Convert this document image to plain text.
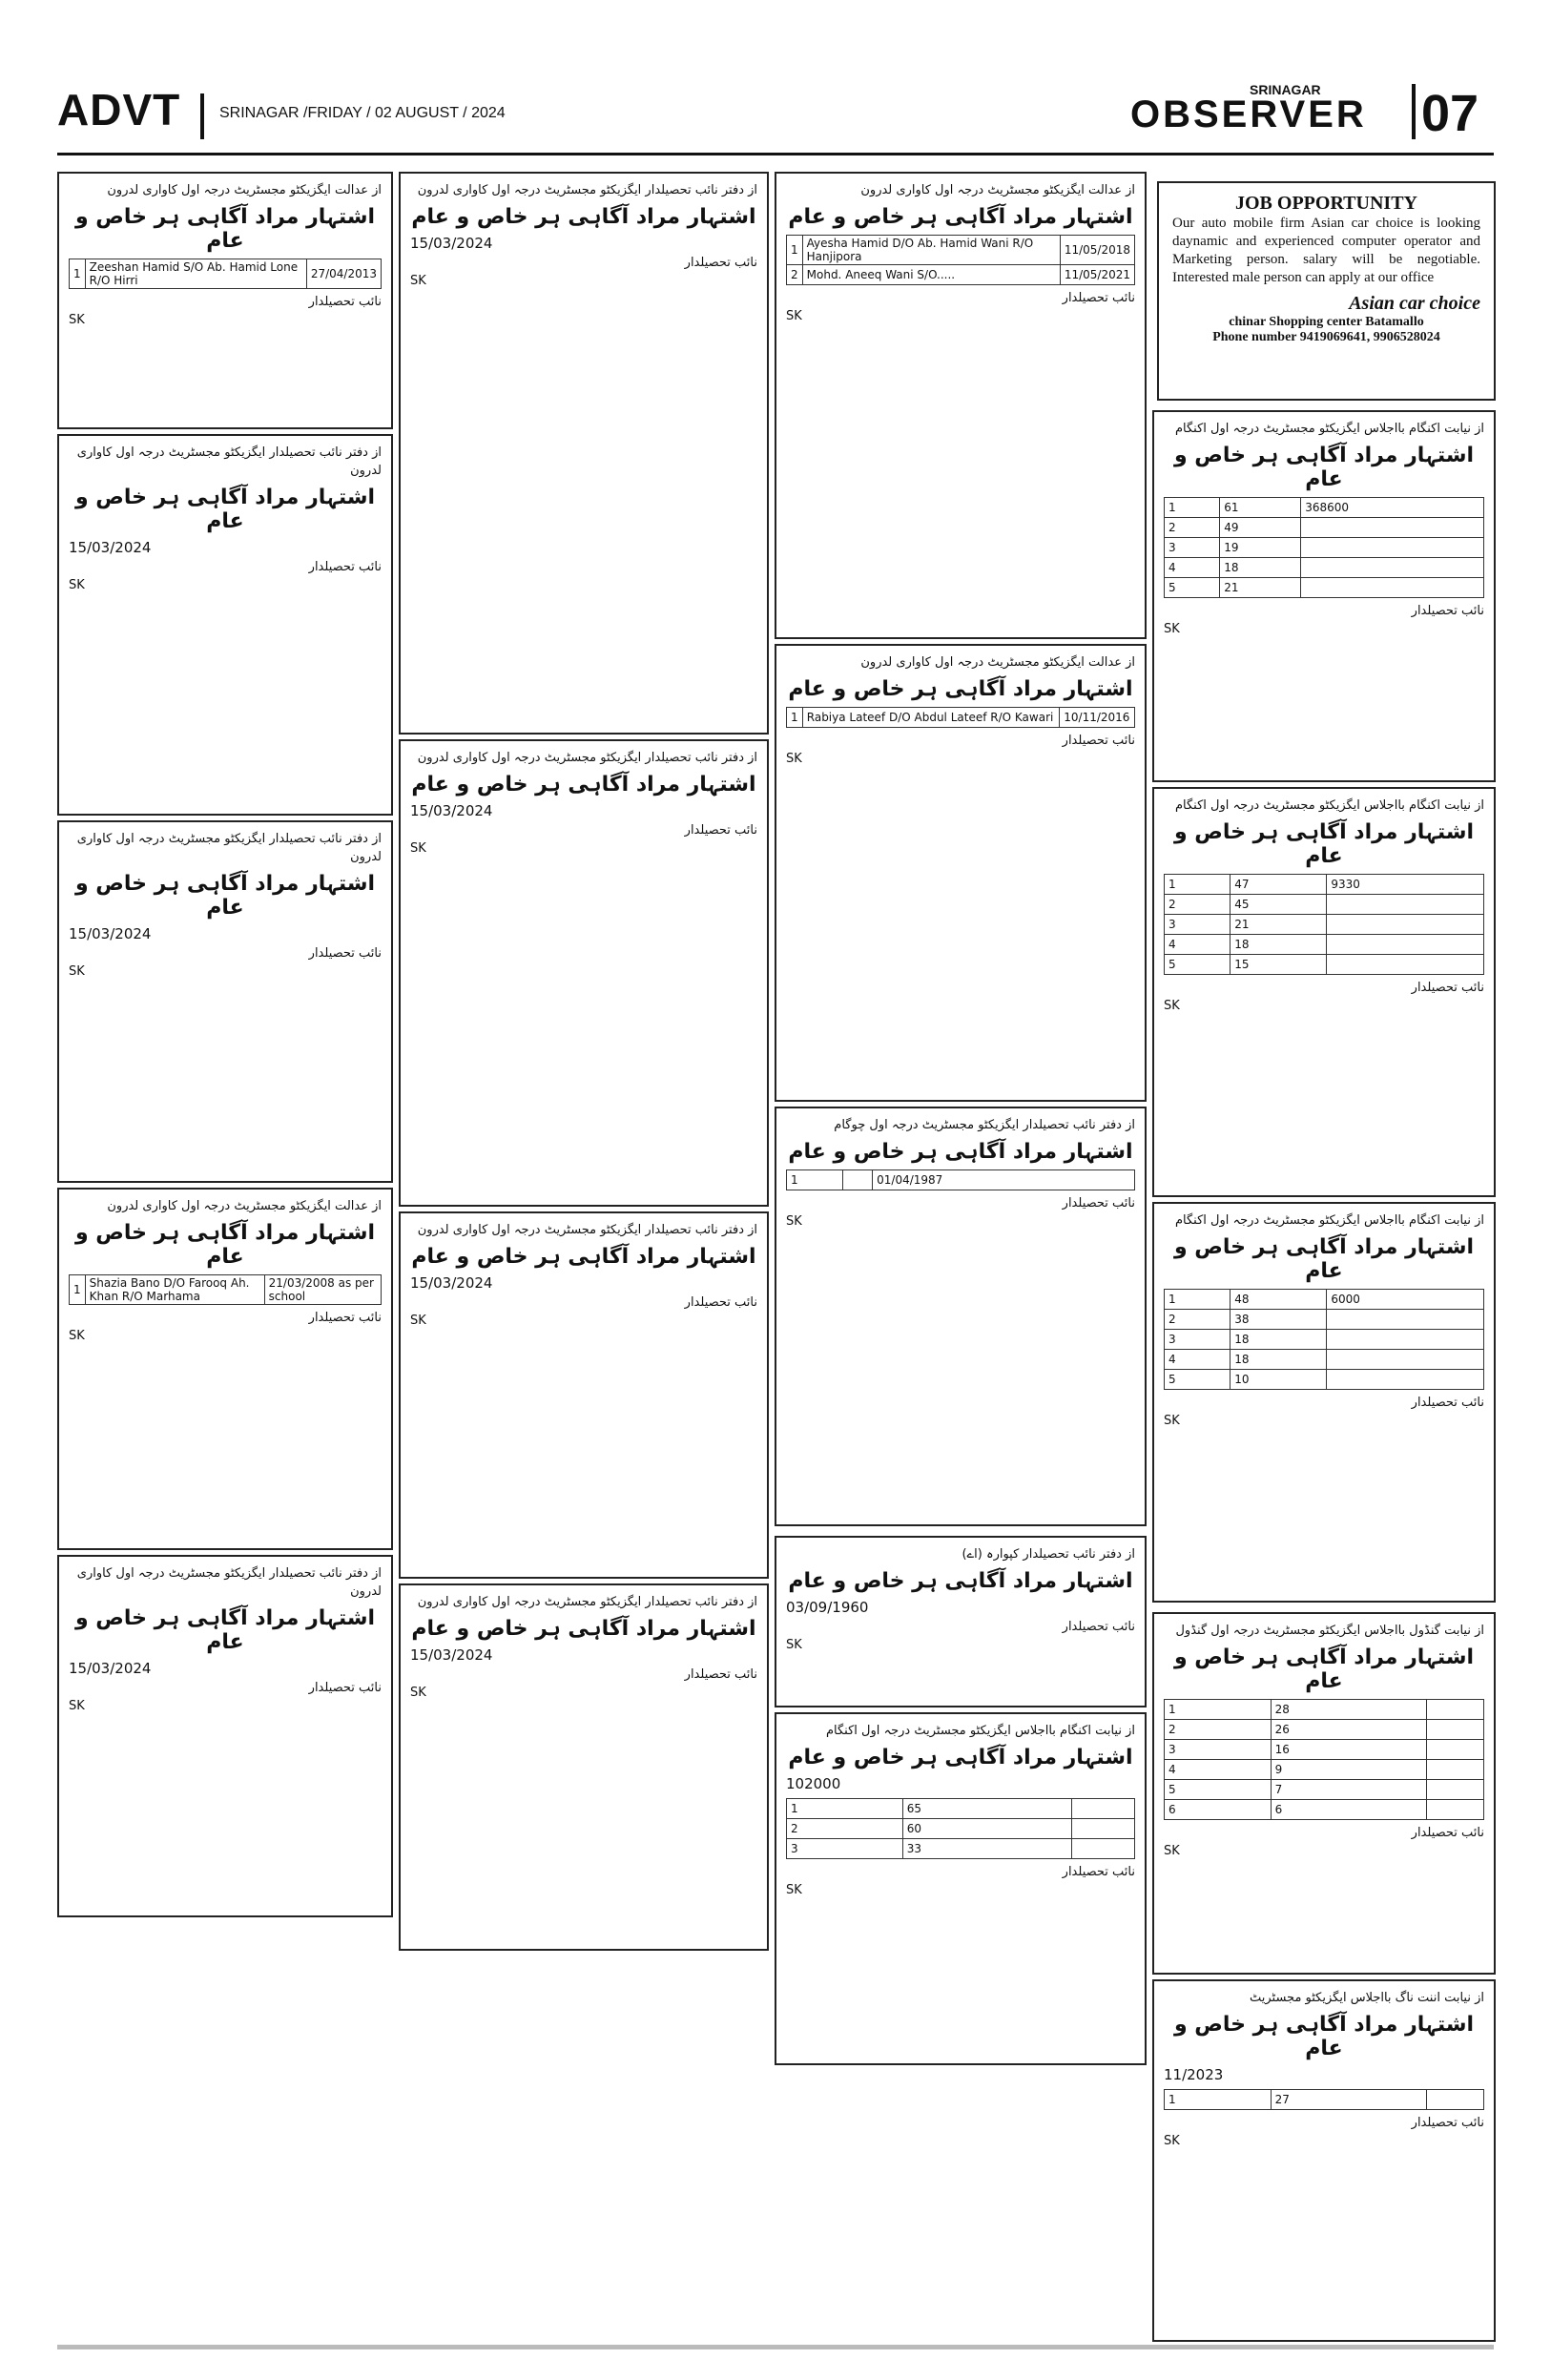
ADVT	SRINAGAR /FRIDAY / 02 AUGUST / 2024
SRINAGAR
OBSERVER 07
JOB OPPORTUNITY
Our auto mobile firm Asian car choice is looking daynamic and experienced computer operator and Marketing person. salary will be negotiable. Interested male person can apply at our office
Asian car choice
chinar Shopping center Batamallo
Phone number 9419069641, 9906528024
از عدالت ایگزیکٹو مجسٹریٹ درجہ اول کاواری لدرون
اشتہار مراد آگاہی ہر خاص و عام
27/04/2013	Zeeshan Hamid S/O Ab. Hamid Lone R/O Hirri	1
نائب تحصیلدار
SK
از دفتر نائب تحصیلدار ایگزیکٹو مجسٹریٹ درجہ اول کاواری لدرون
اشتہار مراد آگاہی ہر خاص و عام
15/03/2024
نائب تحصیلدار
SK
از دفتر نائب تحصیلدار ایگزیکٹو مجسٹریٹ درجہ اول کاواری لدرون
اشتہار مراد آگاہی ہر خاص و عام
15/03/2024
نائب تحصیلدار
SK
از عدالت ایگزیکٹو مجسٹریٹ درجہ اول کاواری لدرون
اشتہار مراد آگاہی ہر خاص و عام
21/03/2008 as per school	Shazia Bano D/O Farooq Ah. Khan R/O Marhama	1
نائب تحصیلدار
SK
از دفتر نائب تحصیلدار ایگزیکٹو مجسٹریٹ درجہ اول کاواری لدرون
اشتہار مراد آگاہی ہر خاص و عام
15/03/2024
نائب تحصیلدار
SK
از دفتر نائب تحصیلدار ایگزیکٹو مجسٹریٹ درجہ اول کاواری لدرون
اشتہار مراد آگاہی ہر خاص و عام
15/03/2024
نائب تحصیلدار
SK
از دفتر نائب تحصیلدار ایگزیکٹو مجسٹریٹ درجہ اول کاواری لدرون
اشتہار مراد آگاہی ہر خاص و عام
15/03/2024
نائب تحصیلدار
SK
از دفتر نائب تحصیلدار ایگزیکٹو مجسٹریٹ درجہ اول کاواری لدرون
اشتہار مراد آگاہی ہر خاص و عام
15/03/2024
نائب تحصیلدار
SK
از دفتر نائب تحصیلدار ایگزیکٹو مجسٹریٹ درجہ اول کاواری لدرون
اشتہار مراد آگاہی ہر خاص و عام
15/03/2024
نائب تحصیلدار
SK
از عدالت ایگزیکٹو مجسٹریٹ درجہ اول کاواری لدرون
اشتہار مراد آگاہی ہر خاص و عام
11/05/2018	Ayesha Hamid D/O Ab. Hamid Wani R/O Hanjipora	1
11/05/2021	Mohd. Aneeq Wani S/O.....	2
نائب تحصیلدار
SK
از عدالت ایگزیکٹو مجسٹریٹ درجہ اول کاواری لدرون
اشتہار مراد آگاہی ہر خاص و عام
10/11/2016	Rabiya Lateef D/O Abdul Lateef R/O Kawari	1
نائب تحصیلدار
SK
از دفتر نائب تحصیلدار ایگزیکٹو مجسٹریٹ درجہ اول چوگام
اشتہار مراد آگاہی ہر خاص و عام
01/04/1987		1
نائب تحصیلدار
SK
از دفتر نائب تحصیلدار کپوارہ (اے)
اشتہار مراد آگاہی ہر خاص و عام
03/09/1960
نائب تحصیلدار
SK
از نیابت اکنگام بااجلاس ایگزیکٹو مجسٹریٹ درجہ اول اکنگام
اشتہار مراد آگاہی ہر خاص و عام
102000
	65	1
	60	2
	33	3
نائب تحصیلدار
SK
از نیابت اکنگام بااجلاس ایگزیکٹو مجسٹریٹ درجہ اول اکنگام
اشتہار مراد آگاہی ہر خاص و عام
368600	61	1
	49	2
	19	3
	18	4
	21	5
نائب تحصیلدار
SK
از نیابت اکنگام بااجلاس ایگزیکٹو مجسٹریٹ درجہ اول اکنگام
اشتہار مراد آگاہی ہر خاص و عام
9330	47	1
	45	2
	21	3
	18	4
	15	5
نائب تحصیلدار
SK
از نیابت اکنگام بااجلاس ایگزیکٹو مجسٹریٹ درجہ اول اکنگام
اشتہار مراد آگاہی ہر خاص و عام
6000	48	1
	38	2
	18	3
	18	4
	10	5
نائب تحصیلدار
SK
از نیابت گنڈول بااجلاس ایگزیکٹو مجسٹریٹ درجہ اول گنڈول
اشتہار مراد آگاہی ہر خاص و عام
	28	1
	26	2
	16	3
	9	4
	7	5
	6	6
نائب تحصیلدار
SK
از نیابت اننت ناگ بااجلاس ایگزیکٹو مجسٹریٹ
اشتہار مراد آگاہی ہر خاص و عام
11/2023
	27	1
نائب تحصیلدار
SK
